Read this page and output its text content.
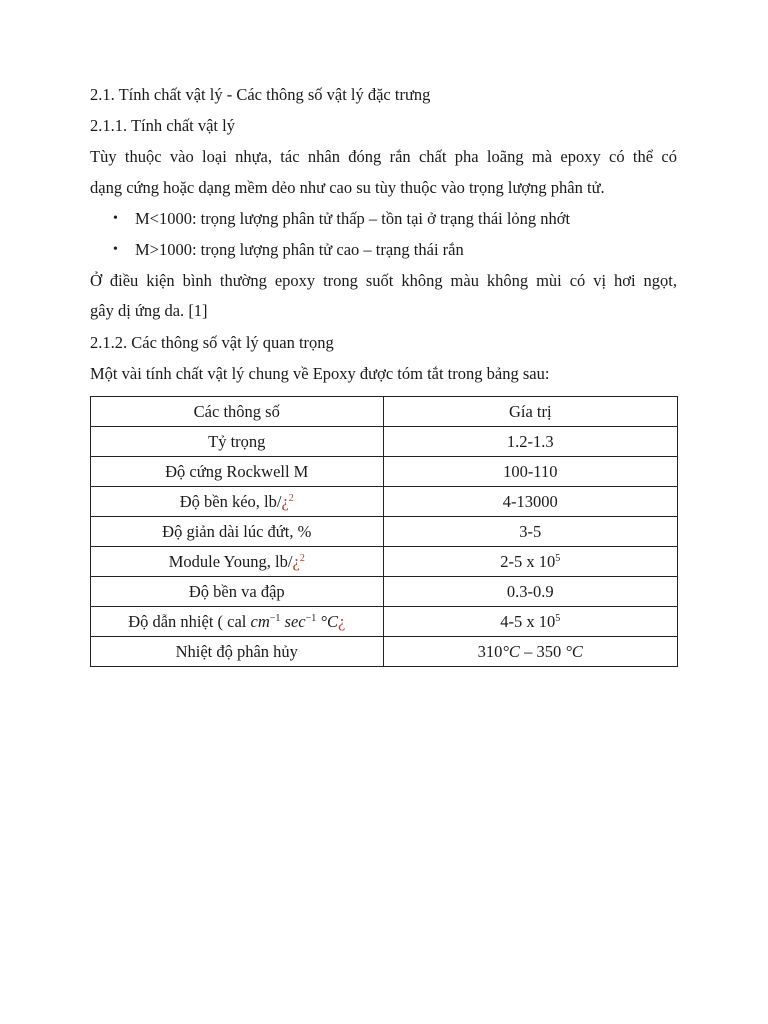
2.1. Tính chất vật lý - Các thông số vật lý đặc trưng
2.1.1. Tính chất vật lý
Tùy thuộc vào loại nhựa, tác nhân đóng rắn chất pha loãng mà epoxy có thể có
dạng cứng hoặc dạng mềm dẻo như cao su tùy thuộc vào trọng lượng phân tử.
• M<1000: trọng lượng phân tử thấp – tồn tại ở trạng thái lỏng nhớt
• M>1000: trọng lượng phân tử cao – trạng thái rắn
Ở điều kiện bình thường epoxy trong suốt không màu không mùi có vị hơi ngọt,
gây dị ứng da. [1]
2.1.2. Các thông số vật lý quan trọng
Một vài tính chất vật lý chung về Epoxy được tóm tắt trong bảng sau:
Các thông số	Gía trị
Tỷ trọng	1.2-1.3
Độ cứng Rockwell M	100-110
Độ bền kéo, lb/¿$^2$	4-13000
Độ giản dài lúc đứt, %	3-5
Module Young, lb/¿$^2$	2-5 x $10^5$
Độ bền va đập	0.3-0.9
Độ dẫn nhiệt ( cal $cm^{-1}$ $\sec^{-1}$ °C¿	4-5 x $10^5$
Nhiệt độ phân hủy	310°C – 350 °C
